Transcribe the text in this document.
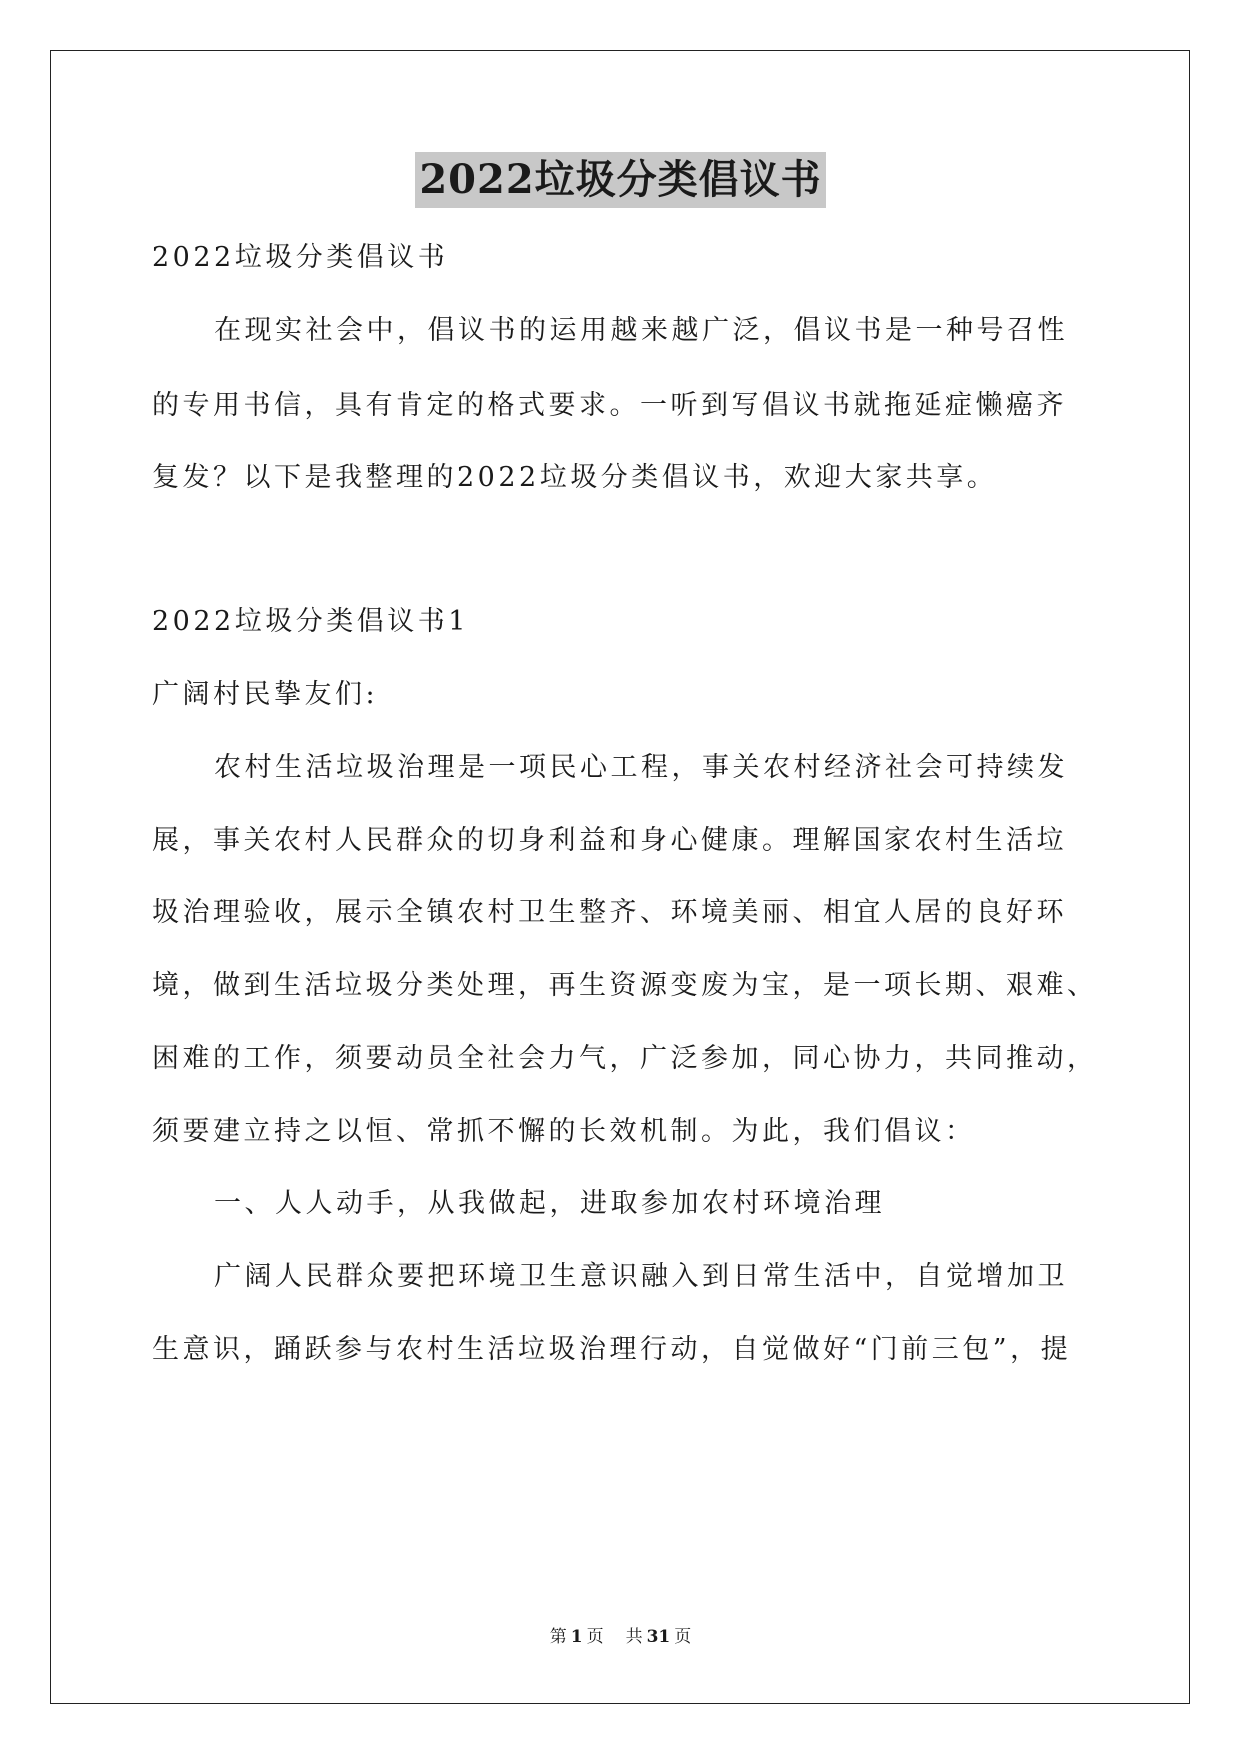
2022垃圾分类倡议书
2022垃圾分类倡议书
在现实社会中，倡议书的运用越来越广泛，倡议书是一种号召性
的专用书信，具有肯定的格式要求。一听到写倡议书就拖延症懒癌齐
复发？以下是我整理的2022垃圾分类倡议书，欢迎大家共享。
2022垃圾分类倡议书1
广阔村民挚友们:
农村生活垃圾治理是一项民心工程，事关农村经济社会可持续发
展，事关农村人民群众的切身利益和身心健康。理解国家农村生活垃
圾治理验收，展示全镇农村卫生整齐、环境美丽、相宜人居的良好环
境，做到生活垃圾分类处理，再生资源变废为宝，是一项长期、艰难、
困难的工作，须要动员全社会力气，广泛参加，同心协力，共同推动，
须要建立持之以恒、常抓不懈的长效机制。为此，我们倡议：
一、人人动手，从我做起，进取参加农村环境治理
广阔人民群众要把环境卫生意识融入到日常生活中，自觉增加卫
生意识，踊跃参与农村生活垃圾治理行动，自觉做好“门前三包”，提
第 1 页 共 31 页
